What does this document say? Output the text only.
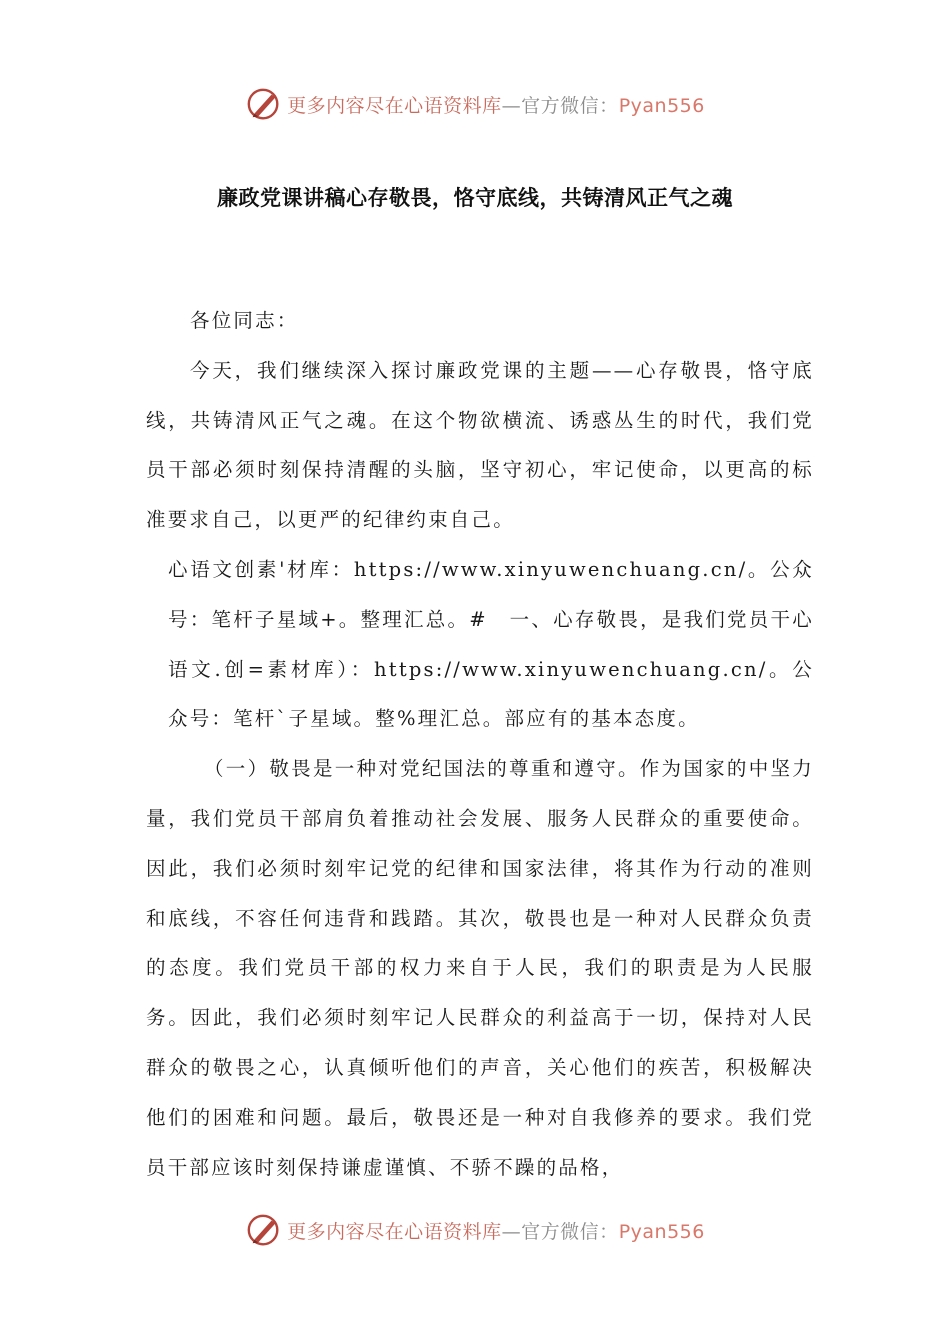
更多内容尽在心语资料库—官方微信：Pyan556
廉政党课讲稿心存敬畏，恪守底线，共铸清风正气之魂

各位同志：

今天，我们继续深入探讨廉政党课的主题——心存敬畏，恪守底线，共铸清风正气之魂。在这个物欲横流、诱惑丛生的时代，我们党员干部必须时刻保持清醒的头脑，坚守初心，牢记使命，以更高的标准要求自己，以更严的纪律约束自己。

心语文创素'材库：https://www.xinyuwenchuang.cn/。公众号：笔杆子星域+。整理汇总。#　一、心存敬畏，是我们党员干心语文.创=素材库）：https://www.xinyuwenchuang.cn/。公众号：笔杆`子星域。整%理汇总。部应有的基本态度。

（一）敬畏是一种对党纪国法的尊重和遵守。作为国家的中坚力量，我们党员干部肩负着推动社会发展、服务人民群众的重要使命。因此，我们必须时刻牢记党的纪律和国家法律，将其作为行动的准则和底线，不容任何违背和践踏。其次，敬畏也是一种对人民群众负责的态度。我们党员干部的权力来自于人民，我们的职责是为人民服务。因此，我们必须时刻牢记人民群众的利益高于一切，保持对人民群众的敬畏之心，认真倾听他们的声音，关心他们的疾苦，积极解决他们的困难和问题。最后，敬畏还是一种对自我修养的要求。我们党员干部应该时刻保持谦虚谨慎、不骄不躁的品格，

更多内容尽在心语资料库—官方微信：Pyan556
